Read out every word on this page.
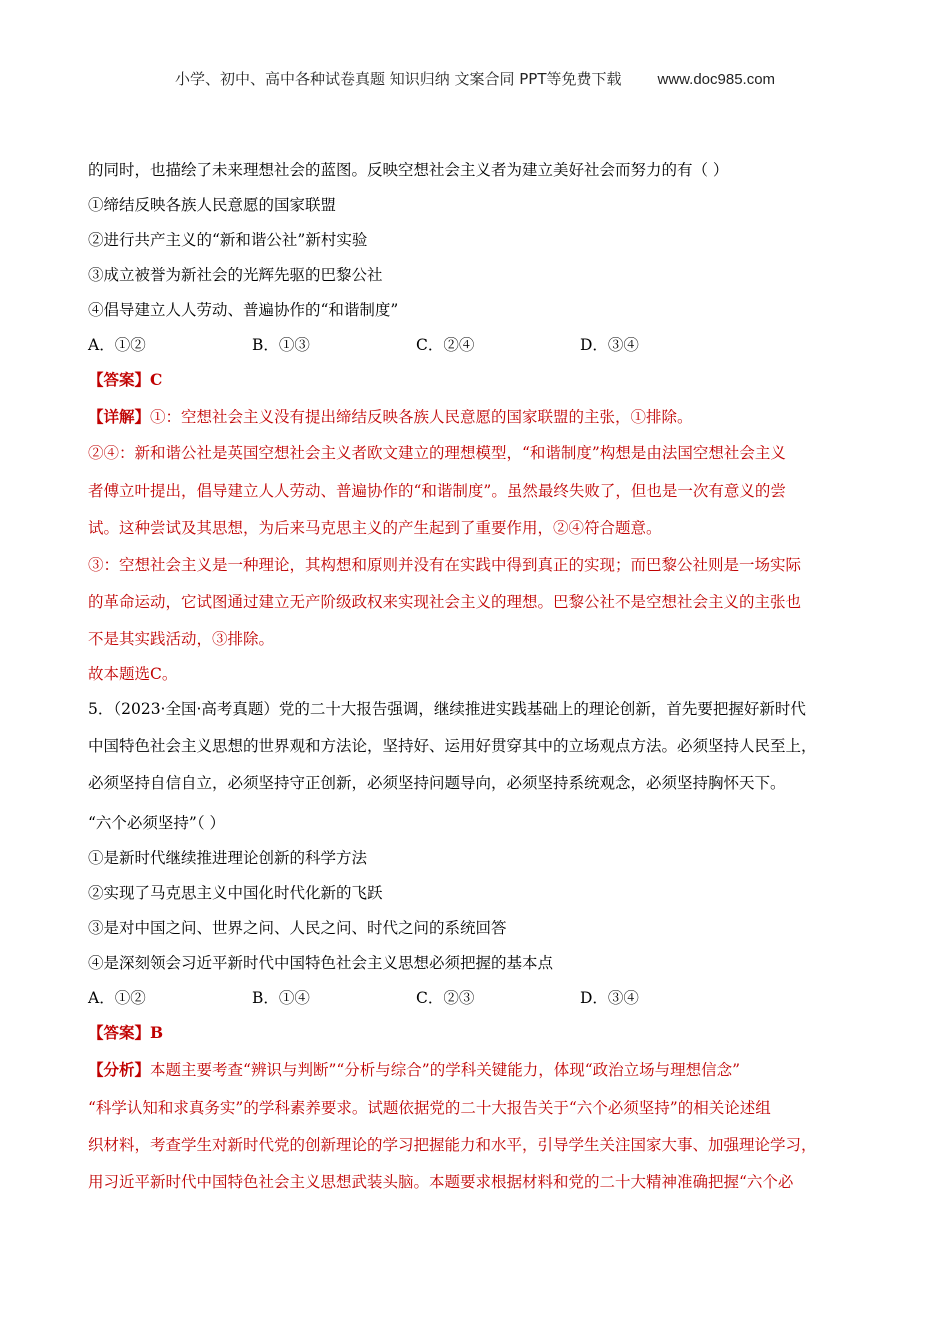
小学、初中、高中各种试卷真题 知识归纳 文案合同 PPT等免费下载 www.doc985.com
的同时，也描绘了未来理想社会的蓝图。反映空想社会主义者为建立美好社会而努力的有（ ）
①缔结反映各族人民意愿的国家联盟
②进行共产主义的“新和谐公社”新村实验
③成立被誉为新社会的光辉先驱的巴黎公社
④倡导建立人人劳动、普遍协作的“和谐制度”
A．①②	B．①③	C．②④	D．③④
【答案】C
【详解】①：空想社会主义没有提出缔结反映各族人民意愿的国家联盟的主张，①排除。
②④：新和谐公社是英国空想社会主义者欧文建立的理想模型，“和谐制度”构想是由法国空想社会主义
者傅立叶提出，倡导建立人人劳动、普遍协作的“和谐制度”。虽然最终失败了，但也是一次有意义的尝
试。这种尝试及其思想，为后来马克思主义的产生起到了重要作用，②④符合题意。
③：空想社会主义是一种理论，其构想和原则并没有在实践中得到真正的实现；而巴黎公社则是一场实际
的革命运动，它试图通过建立无产阶级政权来实现社会主义的理想。巴黎公社不是空想社会主义的主张也
不是其实践活动，③排除。
故本题选C。
5．（2023·全国·高考真题）党的二十大报告强调，继续推进实践基础上的理论创新，首先要把握好新时代
中国特色社会主义思想的世界观和方法论，坚持好、运用好贯穿其中的立场观点方法。必须坚持人民至上，
必须坚持自信自立，必须坚持守正创新，必须坚持问题导向，必须坚持系统观念，必须坚持胸怀天下。
“六个必须坚持”（ ）
①是新时代继续推进理论创新的科学方法
②实现了马克思主义中国化时代化新的飞跃
③是对中国之问、世界之问、人民之问、时代之问的系统回答
④是深刻领会习近平新时代中国特色社会主义思想必须把握的基本点
A．①②	B．①④	C．②③	D．③④
【答案】B
【分析】本题主要考查“辨识与判断”“分析与综合”的学科关键能力，体现“政治立场与理想信念”
“科学认知和求真务实”的学科素养要求。试题依据党的二十大报告关于“六个必须坚持”的相关论述组
织材料，考查学生对新时代党的创新理论的学习把握能力和水平，引导学生关注国家大事、加强理论学习，
用习近平新时代中国特色社会主义思想武装头脑。本题要求根据材料和党的二十大精神准确把握“六个必
